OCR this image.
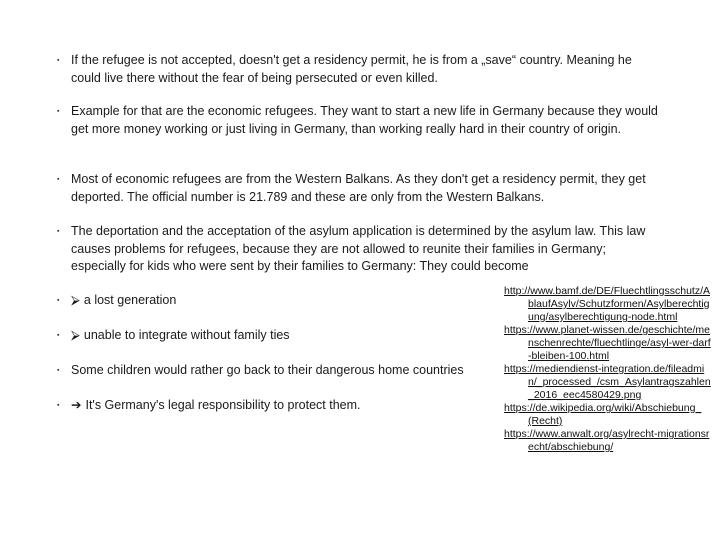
▪ If the refugee is not accepted, doesn't get a residency permit, he is from a „save“ country. Meaning he could live there without the fear of being persecuted or even killed.
▪ Example for that are the economic refugees. They want to start a new life in Germany because they would get more money working or just living in Germany, than working really hard in their country of origin.
▪ Most of economic refugees are from the Western Balkans. As they don't get a residency permit, they get deported. The official number is 21.789 and these are only from the Western Balkans.
▪ The deportation and the acceptation of the asylum application is determined by the asylum law. This law causes problems for refugees, because they are not allowed to reunite their families in Germany; especially for kids who were sent by their families to Germany: They could become
▪ ⮚ a lost generation
▪ ⮚ unable to integrate without family ties
▪ Some children would rather go back to their dangerous home countries
▪ ➔ It's Germany's legal responsibility to protect them.
http://www.bamf.de/DE/Fluechtlingsschutz/AblaufAsylv/Schutzformen/Asylberechtigung/asylberechtigung-node.html
https://www.planet-wissen.de/geschichte/menschenrechte/fluechtlinge/asyl-wer-darf-bleiben-100.html
https://mediendienst-integration.de/fileadmin/_processed_/csm_Asylantragszahlen_2016_eec4580429.png
https://de.wikipedia.org/wiki/Abschiebung_(Recht)
https://www.anwalt.org/asylrecht-migrationsrecht/abschiebung/
